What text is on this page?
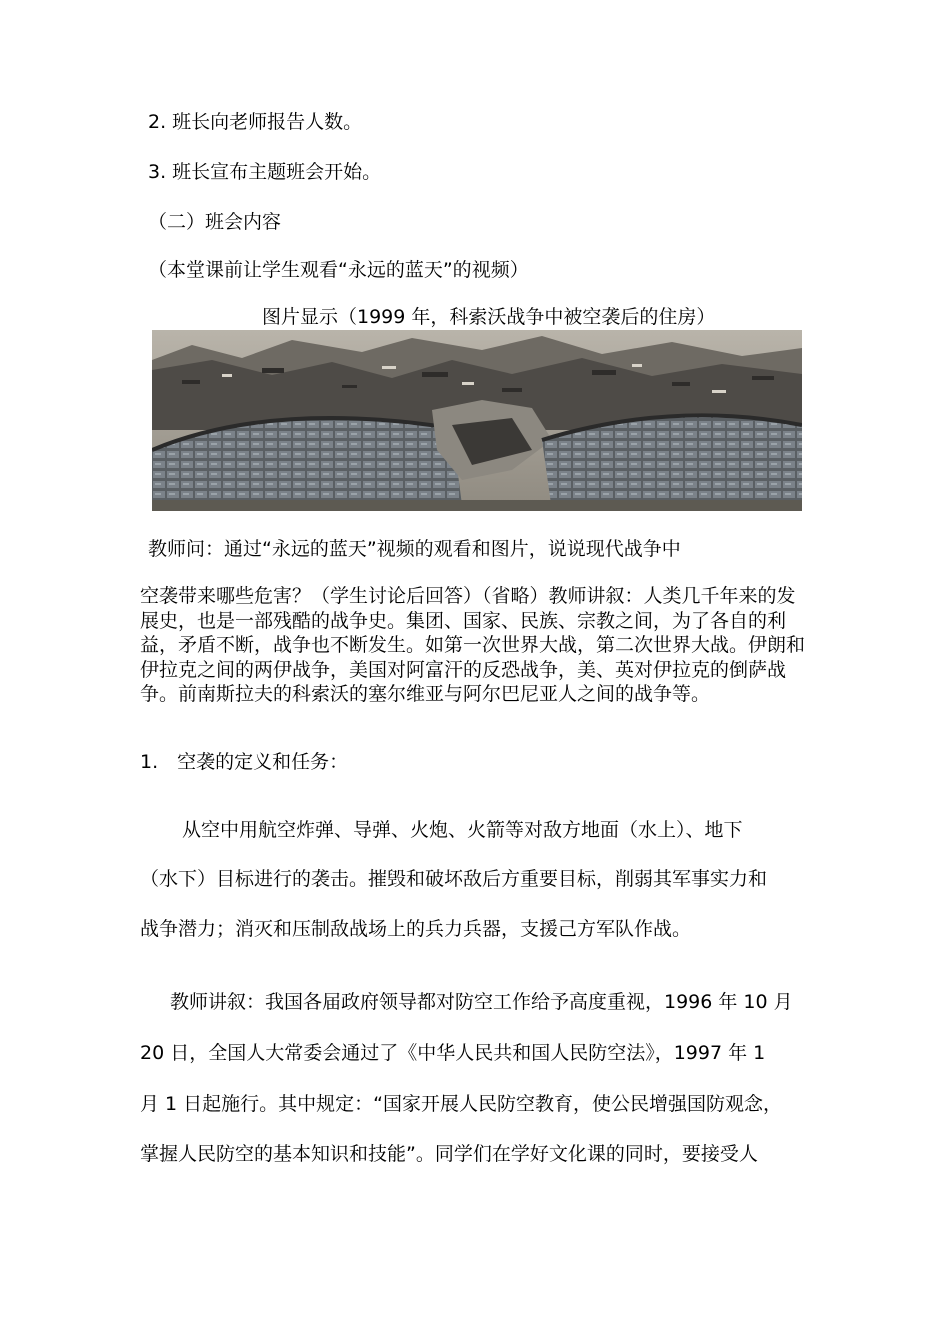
2. 班长向老师报告人数。
3. 班长宣布主题班会开始。
（二）班会内容
（本堂课前让学生观看“永远的蓝天”的视频）
图片显示（1999 年，科索沃战争中被空袭后的住房）
教师问：通过“永远的蓝天”视频的观看和图片，说说现代战争中
空袭带来哪些危害？（学生讨论后回答）（省略）教师讲叙：人类几千年来的发展史，也是一部残酷的战争史。集团、国家、民族、宗教之间，为了各自的利益，矛盾不断，战争也不断发生。如第一次世界大战，第二次世界大战。伊朗和伊拉克之间的两伊战争，美国对阿富汗的反恐战争，美、英对伊拉克的倒萨战争。前南斯拉夫的科索沃的塞尔维亚与阿尔巴尼亚人之间的战争等。
1.　空袭的定义和任务：
从空中用航空炸弹、导弹、火炮、火箭等对敌方地面（水上）、地下
（水下）目标进行的袭击。摧毁和破坏敌后方重要目标，削弱其军事实力和
战争潜力；消灭和压制敌战场上的兵力兵器，支援己方军队作战。
教师讲叙：我国各届政府领导都对防空工作给予高度重视，1996 年 10 月
20 日，全国人大常委会通过了《中华人民共和国人民防空法》，1997 年 1
月 1 日起施行。其中规定：“国家开展人民防空教育，使公民增强国防观念，
掌握人民防空的基本知识和技能”。同学们在学好文化课的同时，要接受人
